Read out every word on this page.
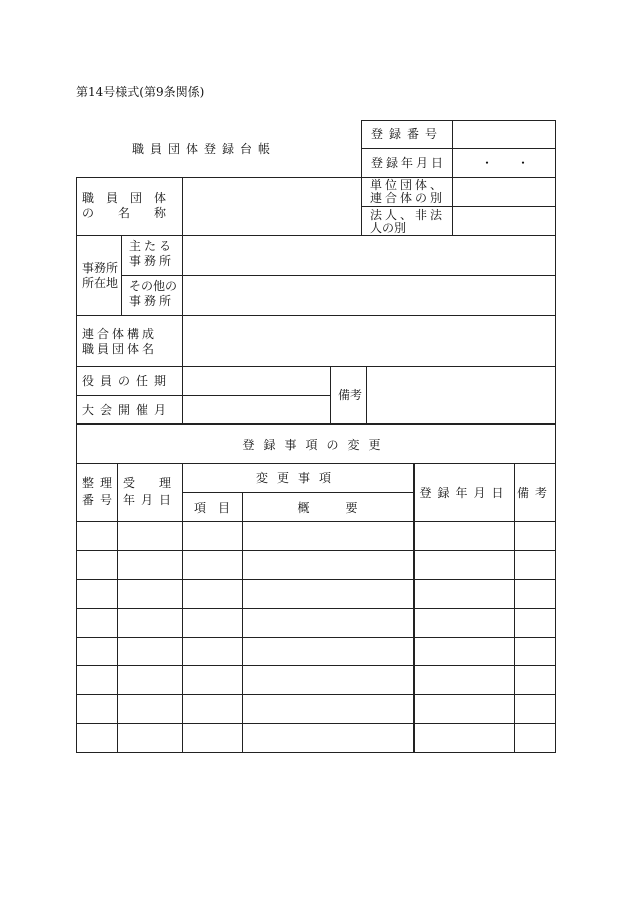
第14号様式(第9条関係)
職員団体登録台帳
登録番号
登録年月日	・　　・
職　員　団　体
の　　名　　称
単位団体、
連合体の別
法人、非法
人の別
事務所
所在地
主たる
事務所
その他の
事務所
連合体構成
職員団体名
役員の任期
大会開催月
備考
登録事項の変更
整理
番号
受　　理
年月日
変更事項
項　目	概　　　要
登録年月日 備考
